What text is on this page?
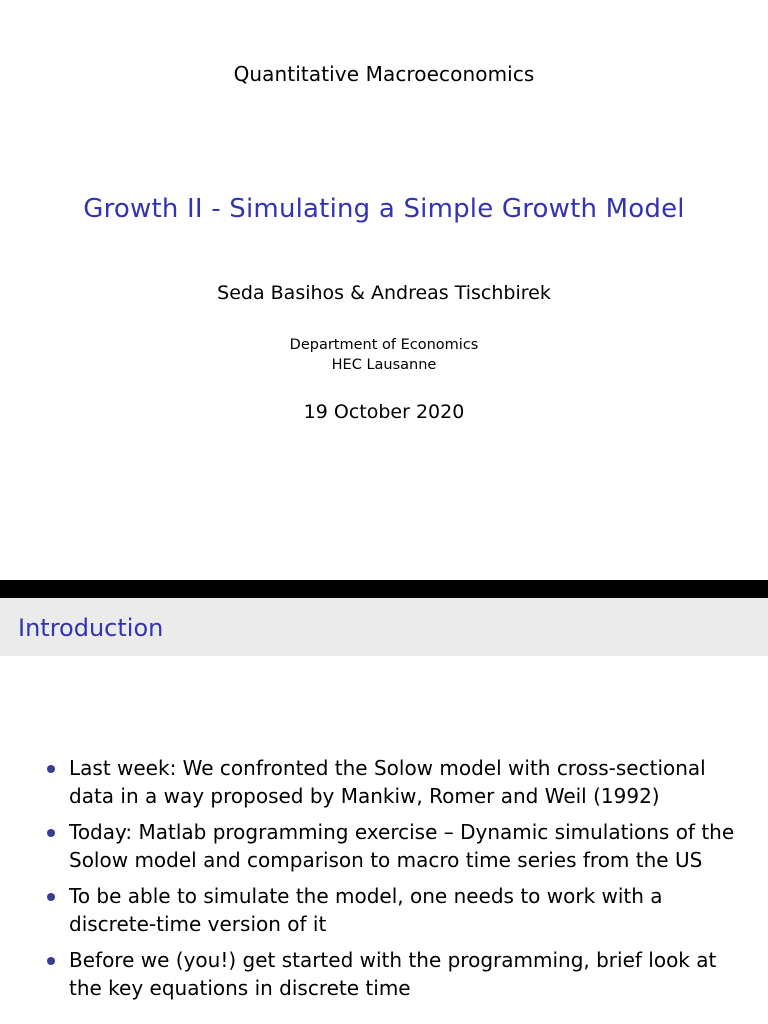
Quantitative Macroeconomics
Growth II - Simulating a Simple Growth Model
Seda Basihos & Andreas Tischbirek
Department of Economics
HEC Lausanne
19 October 2020
Introduction
Last week: We confronted the Solow model with cross-sectional data in a way proposed by Mankiw, Romer and Weil (1992)
Today: Matlab programming exercise – Dynamic simulations of the Solow model and comparison to macro time series from the US
To be able to simulate the model, one needs to work with a discrete-time version of it
Before we (you!) get started with the programming, brief look at the key equations in discrete time
